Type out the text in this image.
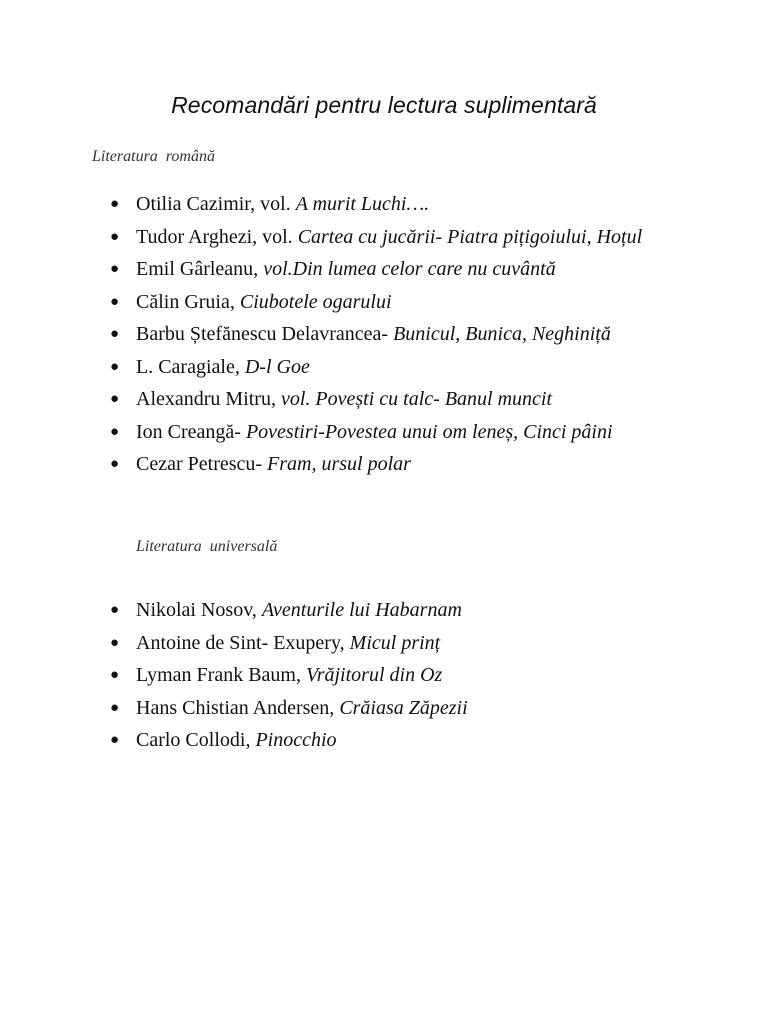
Recomandări pentru lectura suplimentară
Literatura  română
● Otilia Cazimir, vol. A murit Luchi….
● Tudor Arghezi, vol. Cartea cu jucării- Piatra pițigoiului, Hoțul
● Emil Gârleanu, vol.Din lumea celor care nu cuvântă
● Călin Gruia, Ciubotele ogarului
● Barbu Ștefănescu Delavrancea- Bunicul, Bunica, Neghiniță
● L. Caragiale, D-l Goe
● Alexandru Mitru, vol. Povești cu talc- Banul muncit
● Ion Creangă- Povestiri-Povestea unui om leneș, Cinci pâini
● Cezar Petrescu- Fram, ursul polar
Literatura  universală
● Nikolai Nosov, Aventurile lui Habarnam
● Antoine de Sint- Exupery, Micul prinț
● Lyman Frank Baum, Vrăjitorul din Oz
● Hans Chistian Andersen, Crăiasa Zăpezii
● Carlo Collodi, Pinocchio
